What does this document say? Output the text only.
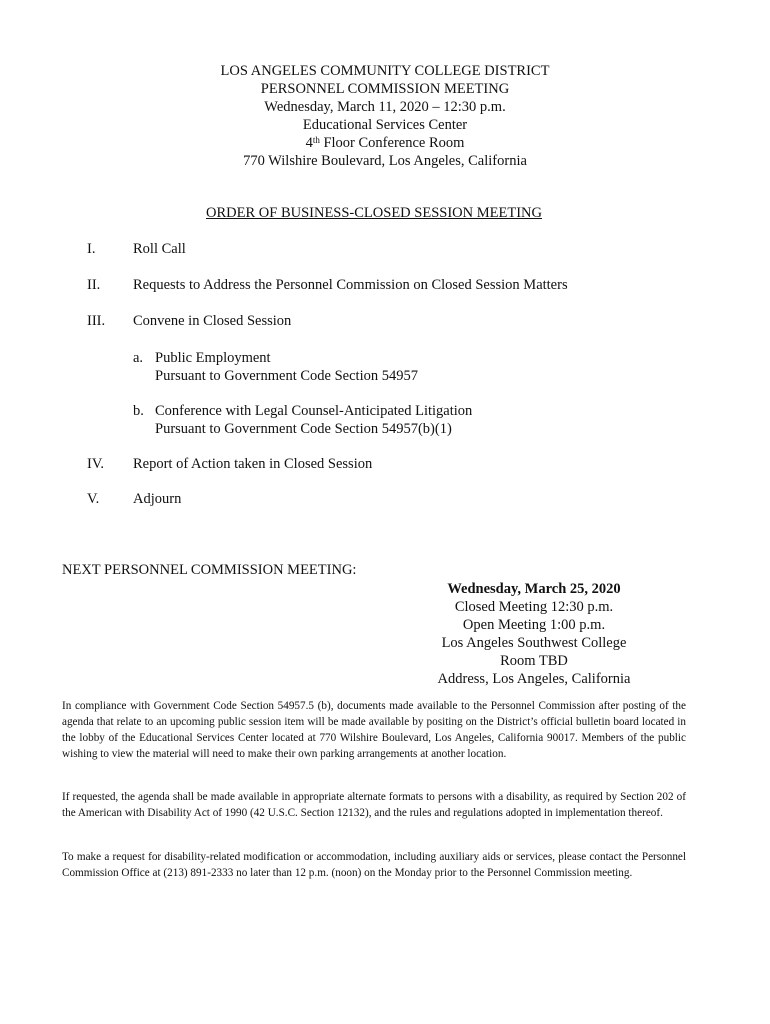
LOS ANGELES COMMUNITY COLLEGE DISTRICT
PERSONNEL COMMISSION MEETING
Wednesday, March 11, 2020 – 12:30 p.m.
Educational Services Center
4th Floor Conference Room
770 Wilshire Boulevard, Los Angeles, California
ORDER OF BUSINESS-CLOSED SESSION MEETING
I.	Roll Call
II. Requests to Address the Personnel Commission on Closed Session Matters
III. Convene in Closed Session
a. Public Employment
Pursuant to Government Code Section 54957
b. Conference with Legal Counsel-Anticipated Litigation
Pursuant to Government Code Section 54957(b)(1)
IV. Report of Action taken in Closed Session
V. Adjourn
NEXT PERSONNEL COMMISSION MEETING:
Wednesday, March 25, 2020
Closed Meeting 12:30 p.m.
Open Meeting 1:00 p.m.
Los Angeles Southwest College
Room TBD
Address, Los Angeles, California
In compliance with Government Code Section 54957.5 (b), documents made available to the Personnel Commission after posting of the agenda that relate to an upcoming public session item will be made available by positing on the District’s official bulletin board located in the lobby of the Educational Services Center located at 770 Wilshire Boulevard, Los Angeles, California 90017. Members of the public wishing to view the material will need to make their own parking arrangements at another location.
If requested, the agenda shall be made available in appropriate alternate formats to persons with a disability, as required by Section 202 of the American with Disability Act of 1990 (42 U.S.C. Section 12132), and the rules and regulations adopted in implementation thereof.
To make a request for disability-related modification or accommodation, including auxiliary aids or services, please contact the Personnel Commission Office at (213) 891-2333 no later than 12 p.m. (noon) on the Monday prior to the Personnel Commission meeting.
